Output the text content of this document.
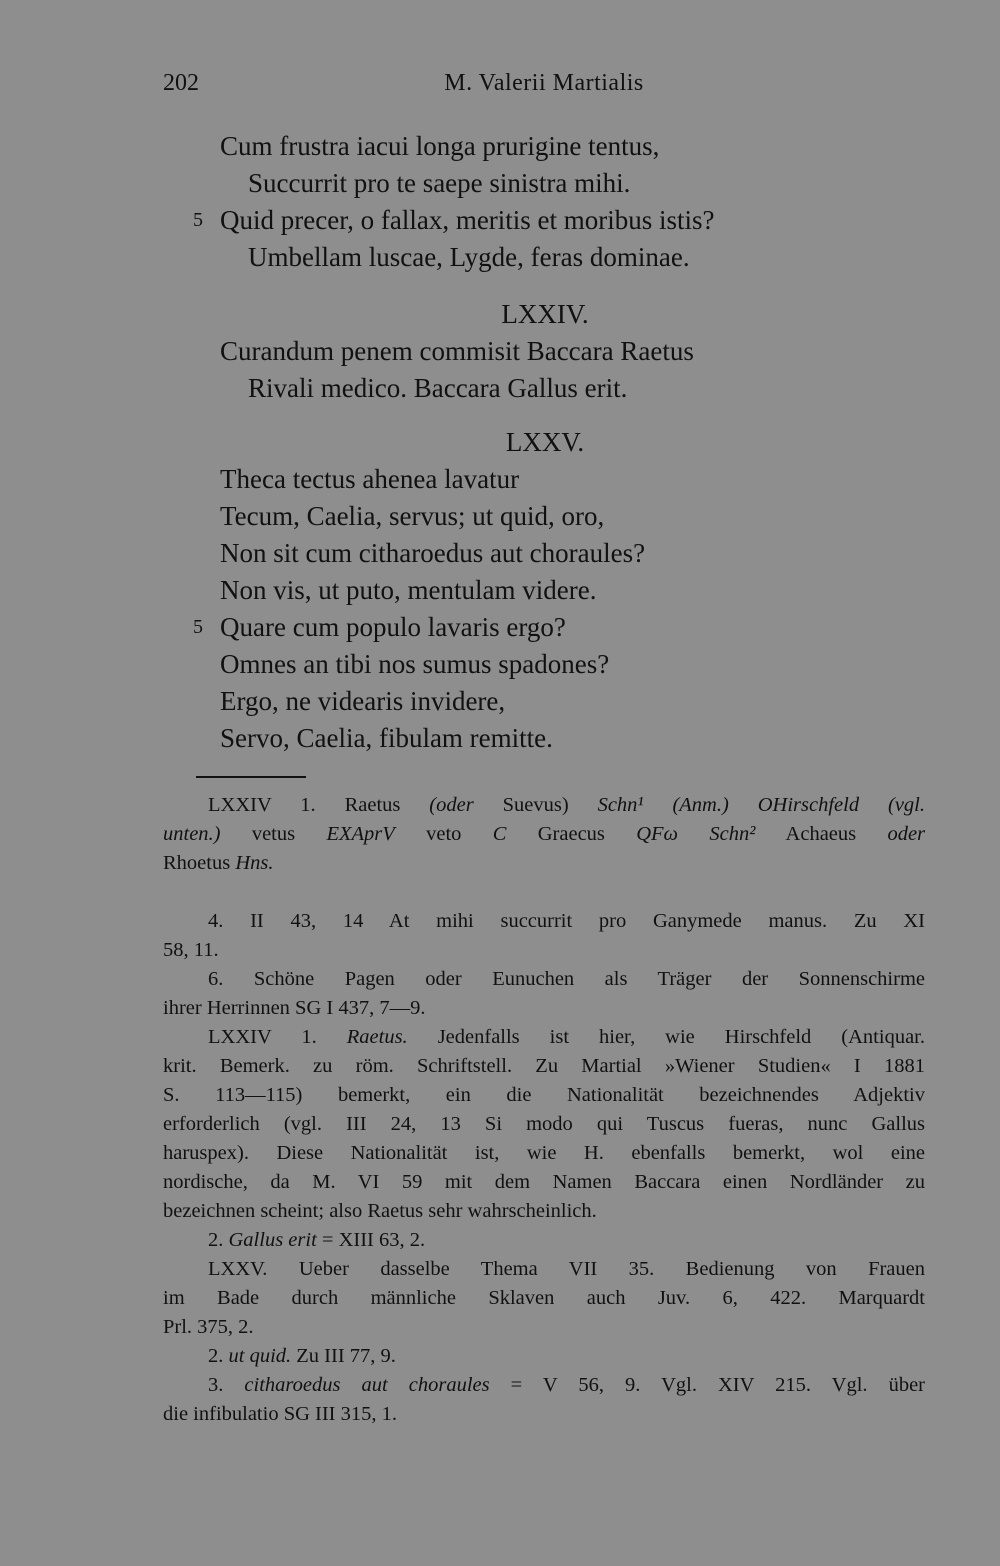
202	M. Valerii Martialis
Cum frustra iacui longa prurigine tentus,
Succurrit pro te saepe sinistra mihi.
5 Quid precer, o fallax, meritis et moribus istis?
Umbellam luscae, Lygde, feras dominae.
LXXIV.
Curandum penem commisit Baccara Raetus
Rivali medico. Baccara Gallus erit.
LXXV.
Theca tectus ahenea lavatur
Tecum, Caelia, servus; ut quid, oro,
Non sit cum citharoedus aut choraules?
Non vis, ut puto, mentulam videre.
5 Quare cum populo lavaris ergo?
Omnes an tibi nos sumus spadones?
Ergo, ne videaris invidere,
Servo, Caelia, fibulam remitte.
LXXIV 1. Raetus (oder Suevus) Schn¹ (Anm.) OHirschfeld (vgl.
unten.) vetus EXAprV veto C Graecus QFω Schn² Achaeus oder
Rhoetus Hns.
4. II 43, 14 At mihi succurrit pro Ganymede manus. Zu XI
58, 11.
6. Schöne Pagen oder Eunuchen als Träger der Sonnenschirme
ihrer Herrinnen SG I 437, 7—9.
LXXIV 1. Raetus. Jedenfalls ist hier, wie Hirschfeld (Antiquar.
krit. Bemerk. zu röm. Schriftstell. Zu Martial »Wiener Studien« I 1881
S. 113—115) bemerkt, ein die Nationalität bezeichnendes Adjektiv
erforderlich (vgl. III 24, 13 Si modo qui Tuscus fueras, nunc Gallus
haruspex). Diese Nationalität ist, wie H. ebenfalls bemerkt, wol eine
nordische, da M. VI 59 mit dem Namen Baccara einen Nordländer zu
bezeichnen scheint; also Raetus sehr wahrscheinlich.
2. Gallus erit = XIII 63, 2.
LXXV. Ueber dasselbe Thema VII 35. Bedienung von Frauen
im Bade durch männliche Sklaven auch Juv. 6, 422. Marquardt
Prl. 375, 2.
2. ut quid. Zu III 77, 9.
3. citharoedus aut choraules = V 56, 9. Vgl. XIV 215. Vgl. über
die infibulatio SG III 315, 1.
